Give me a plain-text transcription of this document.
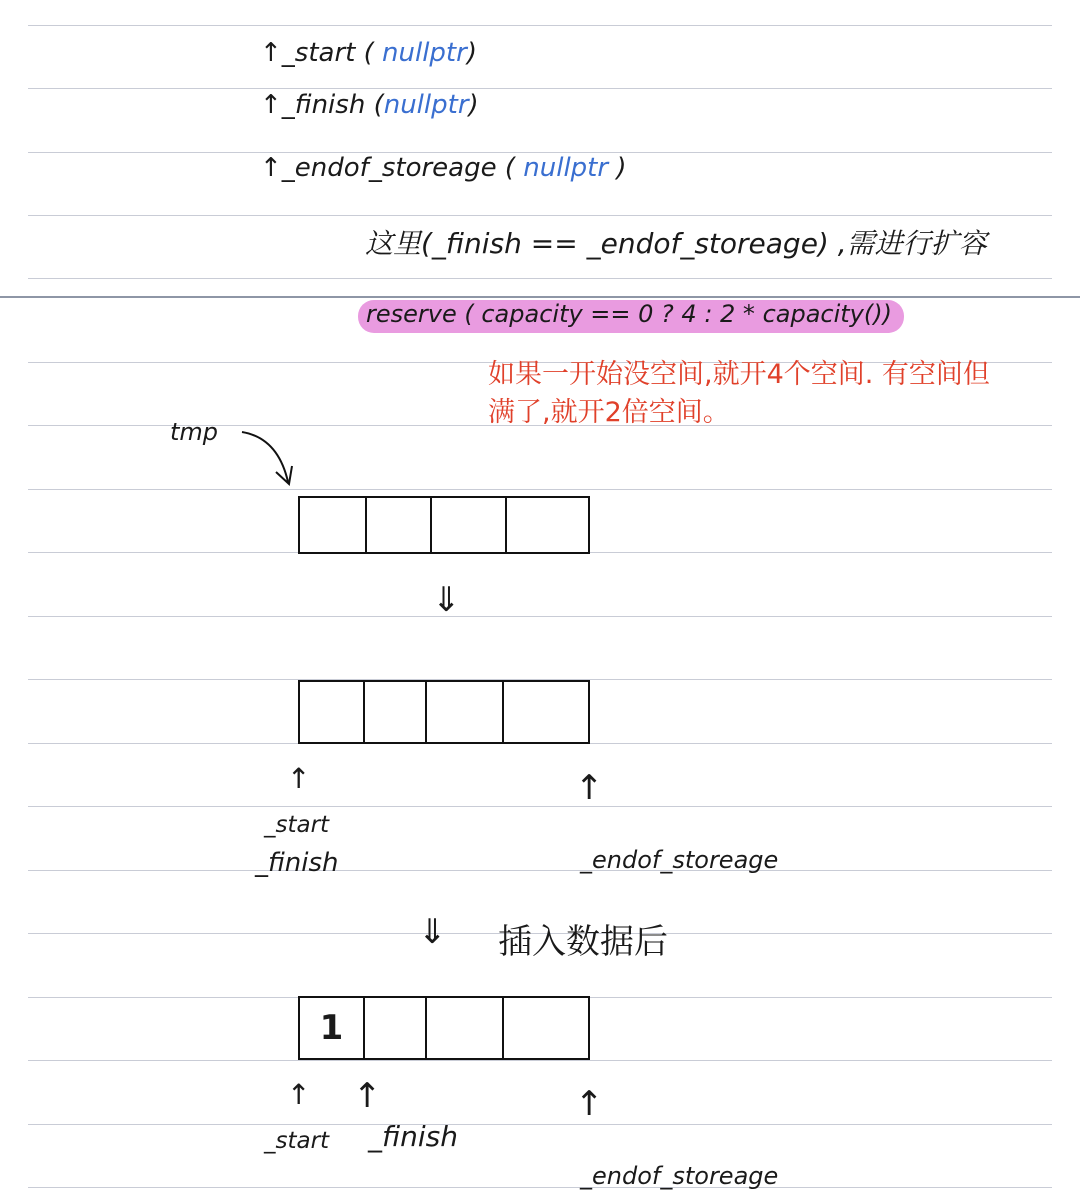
↑_start ( nullptr)
↑_finish (nullptr)
↑_endof_storeage ( nullptr )
这里(_finish == _endof_storeage) ,需进行扩容
reserve ( capacity == 0 ? 4 : 2 * capacity())
如果一开始没空间,就开4个空间. 有空间但
满了,就开2倍空间。
tmp
⇓
↑	↑
_start
_finish	_endof_storeage
⇓ 插入数据后
1
↑ ↑	↑
_start _finish
_endof_storeage
